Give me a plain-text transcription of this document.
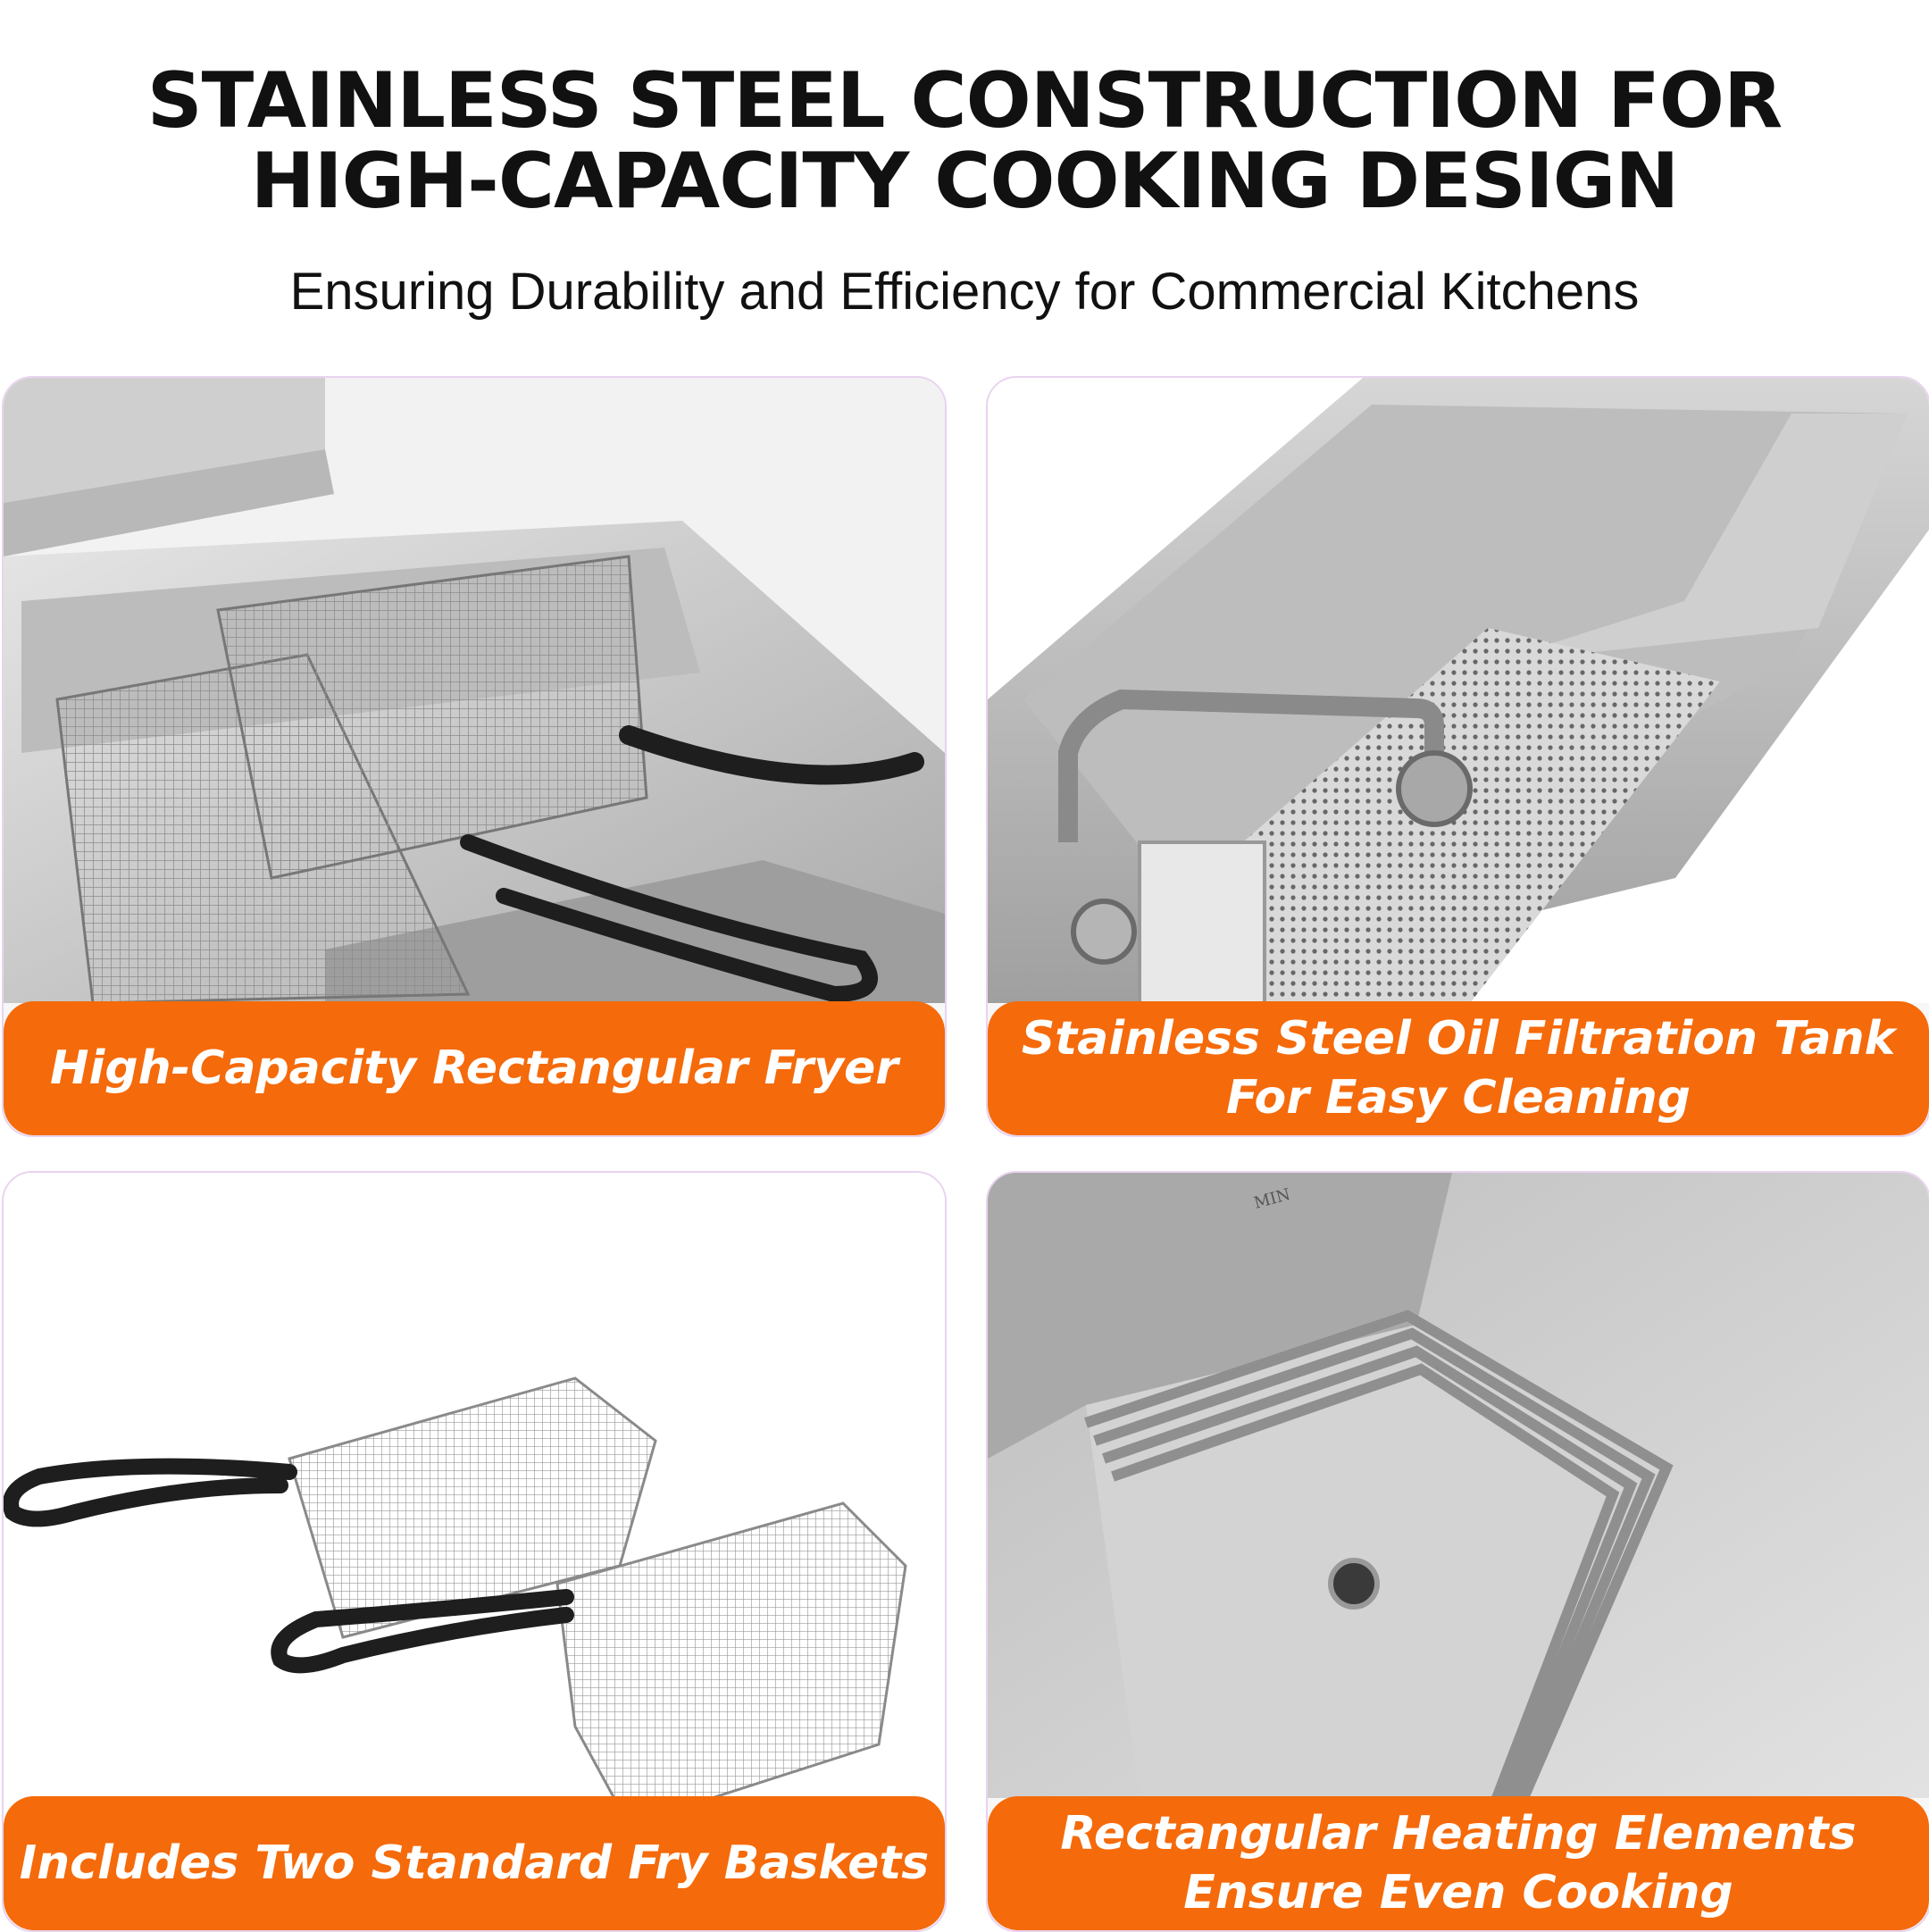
STAINLESS STEEL CONSTRUCTION FOR
HIGH-CAPACITY COOKING DESIGN
Ensuring Durability and Efficiency for Commercial Kitchens
High-Capacity Rectangular Fryer
Stainless Steel Oil Filtration Tank
For Easy Cleaning
Includes Two Standard Fry Baskets
MIN
Rectangular Heating Elements
Ensure Even Cooking
